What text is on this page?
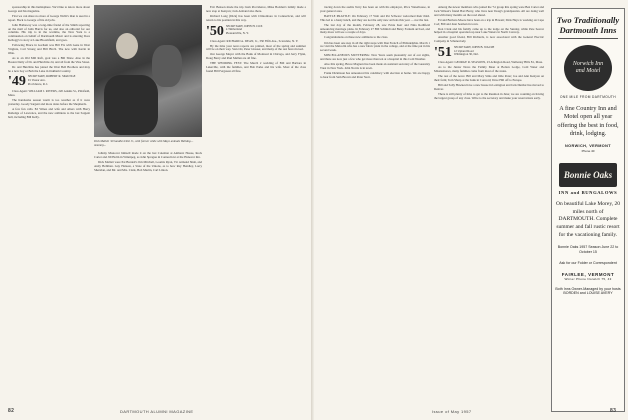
sponsorship in this hemisphere. We'd like to know more about George and his magazine.

First we can share no more of George Webb's than is used in a report. Back to George of his old jobs.

John Hathaway was a long-time friend of the Smith reporting on the mail of John Harris for us, and also an editorial for our columns. His trip is in the wartime, the New York is a continuation on behalf of Dartmouth Music and is entering Dora Kellogg's is story at Lake Bloomfield, and goes.

Following Bruce in Gorham was Bill Fix with Gene in West Virginia, Carl Strong and Bill Birch. The new with Kevin in Ohio.

As to an Old Mill Raft, goal was a Bill Shaw. Also in the Boston Daily of Dr. and Hutchins 2d, and all from the Vine Street.

Dr. and Hutchins has joined the West Bell Brothers and may be a new boy or Boh the Lake in Oakham Country.

'49 SECRETARY, ROBERT R. SPAUNGE
91 Vassar Ave.
Providence, R. I.

Class Agent: WILLIAM J. RIVERS, 220 Adams St., Pittsfield, Mass.

The handsome season warm is too weather as if it were yesterday. Goody Sargent and more dates before the Shepherds.

A few fun calls. Ed Wines and wife and others with Harry Rutledge of Lawrence, and the new additions to the last Sargent hall, including Bill Kelly.

Dick Mallett '49 handles Dish Jr., with former while with Mayo animals Bulldog—mmmmy...

Johnny Mastover himself made it on the last Coleman at Amherst House, Rock Carter and Jill Holm in Winnipeg, as John Sprague in Connecticut at the Hanover Inn.

Dick Mallett were Pat Burdett's Jim Mitchell, Loomis Ryan, Vic Armand Shah, and Andy Hellman. Guy Hanson, a State of the Unions, as to how Ray Hendley, Larry Sheridan, and Mr. and Mrs. Clark, Bob Martin, Carl Linton.

Eric Benson made the trip from Providence, Mike Bodden's family made a new stop at Kenyon; Jack Armand also there.

Richard Long (Dick) has been with Clintonboro in Connecticut, and will return to his position in this way.

'50 SECRETARY, JOHN H. COX
4 Timberland
Pleasantville, N. Y.

Class Agent: RICHARD A. DEAN, Jr., 330 Fifth Ave., Scarsdale, N. Y.

By the time your news reports are printed, most of the spring and summer will be on their way. Stan Orr, Peter Glasser, and many of the rest have moved.

Our George Meyer with the Bank of Montreal in Chicago, and Jerry Flynn, Doug Berry and Paul Mellen are all fine.

THE WEDDING FEST: The March 2 wedding of Bill and Barbara in Lakeville, with the families, and Bob Parks and his wife. Most of the class found Bill Ferguson all fine.

82	DARTMOUTH ALUMNI MAGAZINE

tracing down the audits Terry has been on with his employer, Price Waterhouse, in your general area.

BATTLE PRATTLE: On February 17 Walt and Pat Schwarz welcomed their third. This led to a hasty lunch, and they are not the only new arrivals this year — nor the last.

The last day of the month, February 28, saw Ernie Kerr and Nina Rothfield announcing marriage plans. In February 27 Bill Schmidt and Betsy Farnum arrived, and many more will see a couple of days.

Congratulations on these new additions to the class.

Jim has been one step in all the right steps with Dan French of Philadelphia. March 1 we visit the Malcolm who has a new fabric plant in the college, and at the time put in his second week.

MISCELLANEOUS MUTTERING: New Years seem pleasantly out of our sights, and there are now just a few who get more than ten at a hospital in this Cold Weather.

Also this spring, Bruce Magnon has been made an assistant secretary of the Guaranty Trust in New York. John Norris is in town.

Frank Dickinson has announced his candidacy with election at home. We are happy to hear from Sam Brown and Peter Storr.

Among the newer members who joined the '51 group this spring were Ben Carter and Jack Wilson's friend Bart Barry, who lives near Doug's grandparents. All are doing well and with many months on the road ahead.

Ed and Barbara Moore have been on a trip in Hawaii; Dick Hays is working on Cape Cod; Bill and Jean Seaman in town.

Don Clark and his family came up to the lodge on the Sunday, while Pete Seaver helped in a hospital operation up near Lake Waters in North Conway.

Another good friend, Bill Richards, is now associated with the General Electric Company in Schenectady.

'51 SECRETARY, JOHN B. WALSH
12 Upland Road
Wilmington 30, Del.

Class Agent: GEORGE R. SEASONS, 23 Arlington Road, Wellesley Hills 81, Mass.

As to the Junior News the Family Meet at Bolton Lodge, Cold Water and Mississinawa, many families came from most of the states.

The rest of the news: Bill and Mary Sims and little Peter; Joe and Ann Kenyon on their farm; Tom Sharp at the bank in Concord; Dave Hill off to Europe.

Bill and Sally Hawkes have a new house in Lexington and Jack Dunbar has moved to Denver.

There is still plenty of time to get to the Reunion in June; we are counting on having the largest group of any class. Write to the secretary and make your reservations early.

Two Traditionally Dartmouth Inns
Norwich Inn
and Motel
ONE MILE FROM DARTMOUTH
A fine Country Inn and Motel open all year offering the best in food, drink, lodging.
NORWICH, VERMONT
Phone 40
Bonnie Oaks
INN and BUNGALOWS
On beautiful Lake Morey, 20 miles north of DARTMOUTH. Complete summer and fall rustic resort for the vacationing family.
Bonnie Oaks 1957 Season June 22 to October 15
Ask for our Folder or Correspondent
FAIRLEE, VERMONT
Winter Phone Norwich 75, 43
Both Inns Owner-Managed by your hosts BORDEN and LOUISE AVERY
Issue of May 1957	83
